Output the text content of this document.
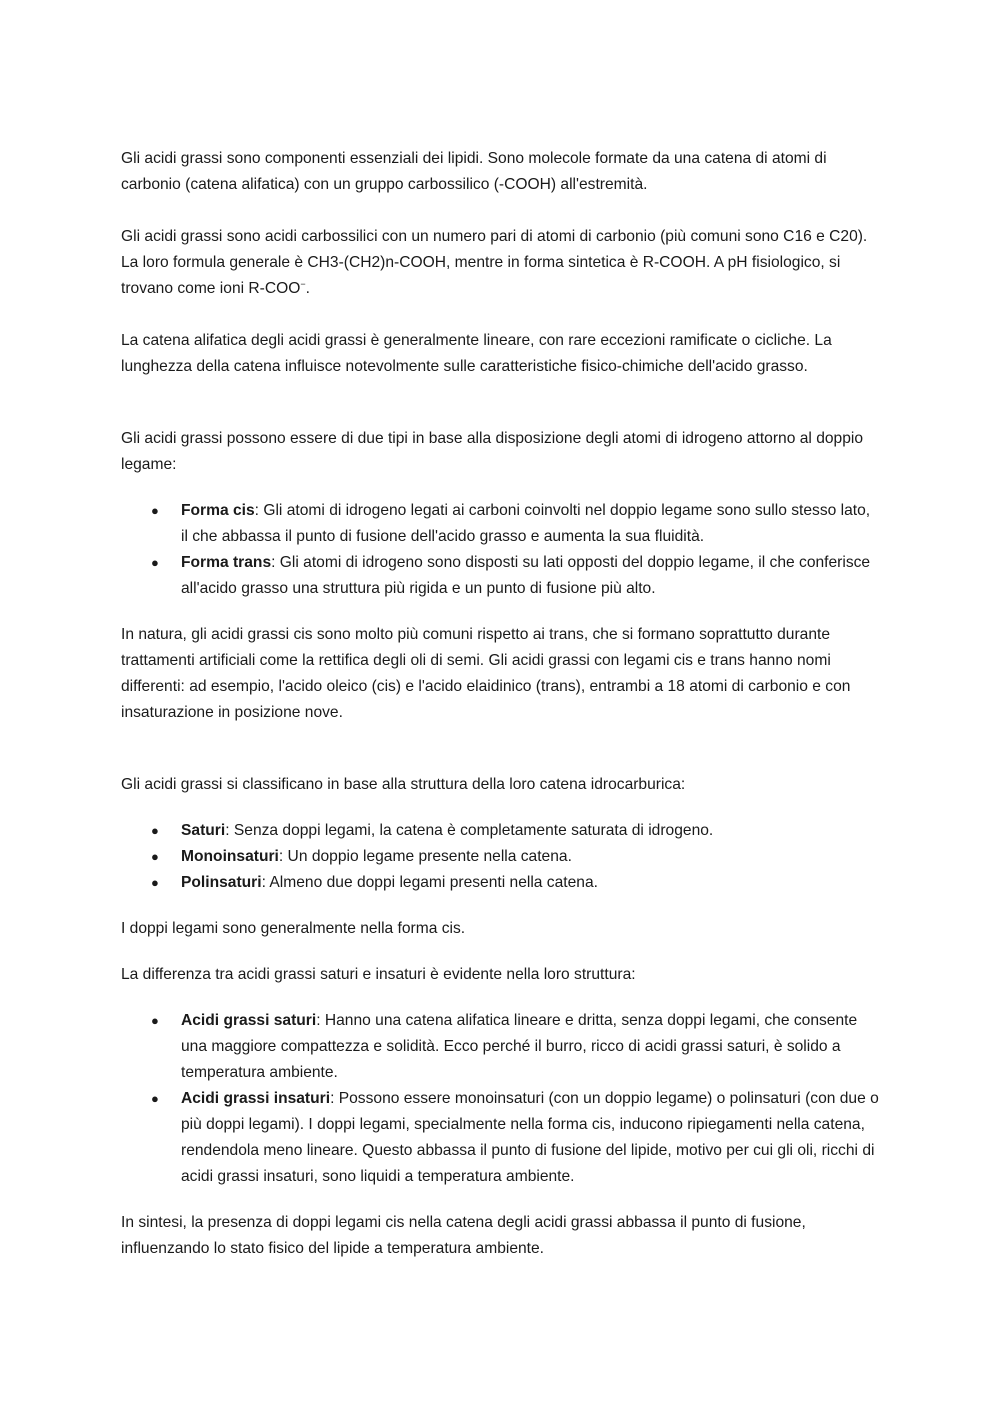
Gli acidi grassi sono componenti essenziali dei lipidi. Sono molecole formate da una catena di atomi di carbonio (catena alifatica) con un gruppo carbossilico (-COOH) all'estremità.

Gli acidi grassi sono acidi carbossilici con un numero pari di atomi di carbonio (più comuni sono C16 e C20). La loro formula generale è CH3-(CH2)n-COOH, mentre in forma sintetica è R-COOH. A pH fisiologico, si trovano come ioni R-COO−.

La catena alifatica degli acidi grassi è generalmente lineare, con rare eccezioni ramificate o cicliche. La lunghezza della catena influisce notevolmente sulle caratteristiche fisico-chimiche dell'acido grasso.

Gli acidi grassi possono essere di due tipi in base alla disposizione degli atomi di idrogeno attorno al doppio legame:

● Forma cis: Gli atomi di idrogeno legati ai carboni coinvolti nel doppio legame sono sullo stesso lato, il che abbassa il punto di fusione dell'acido grasso e aumenta la sua fluidità.
● Forma trans: Gli atomi di idrogeno sono disposti su lati opposti del doppio legame, il che conferisce all'acido grasso una struttura più rigida e un punto di fusione più alto.

In natura, gli acidi grassi cis sono molto più comuni rispetto ai trans, che si formano soprattutto durante trattamenti artificiali come la rettifica degli oli di semi. Gli acidi grassi con legami cis e trans hanno nomi differenti: ad esempio, l'acido oleico (cis) e l'acido elaidinico (trans), entrambi a 18 atomi di carbonio e con insaturazione in posizione nove.

Gli acidi grassi si classificano in base alla struttura della loro catena idrocarburica:

● Saturi: Senza doppi legami, la catena è completamente saturata di idrogeno.
● Monoinsaturi: Un doppio legame presente nella catena.
● Polinsaturi: Almeno due doppi legami presenti nella catena.

I doppi legami sono generalmente nella forma cis.

La differenza tra acidi grassi saturi e insaturi è evidente nella loro struttura:

● Acidi grassi saturi: Hanno una catena alifatica lineare e dritta, senza doppi legami, che consente una maggiore compattezza e solidità. Ecco perché il burro, ricco di acidi grassi saturi, è solido a temperatura ambiente.
● Acidi grassi insaturi: Possono essere monoinsaturi (con un doppio legame) o polinsaturi (con due o più doppi legami). I doppi legami, specialmente nella forma cis, inducono ripiegamenti nella catena, rendendola meno lineare. Questo abbassa il punto di fusione del lipide, motivo per cui gli oli, ricchi di acidi grassi insaturi, sono liquidi a temperatura ambiente.

In sintesi, la presenza di doppi legami cis nella catena degli acidi grassi abbassa il punto di fusione, influenzando lo stato fisico del lipide a temperatura ambiente.
